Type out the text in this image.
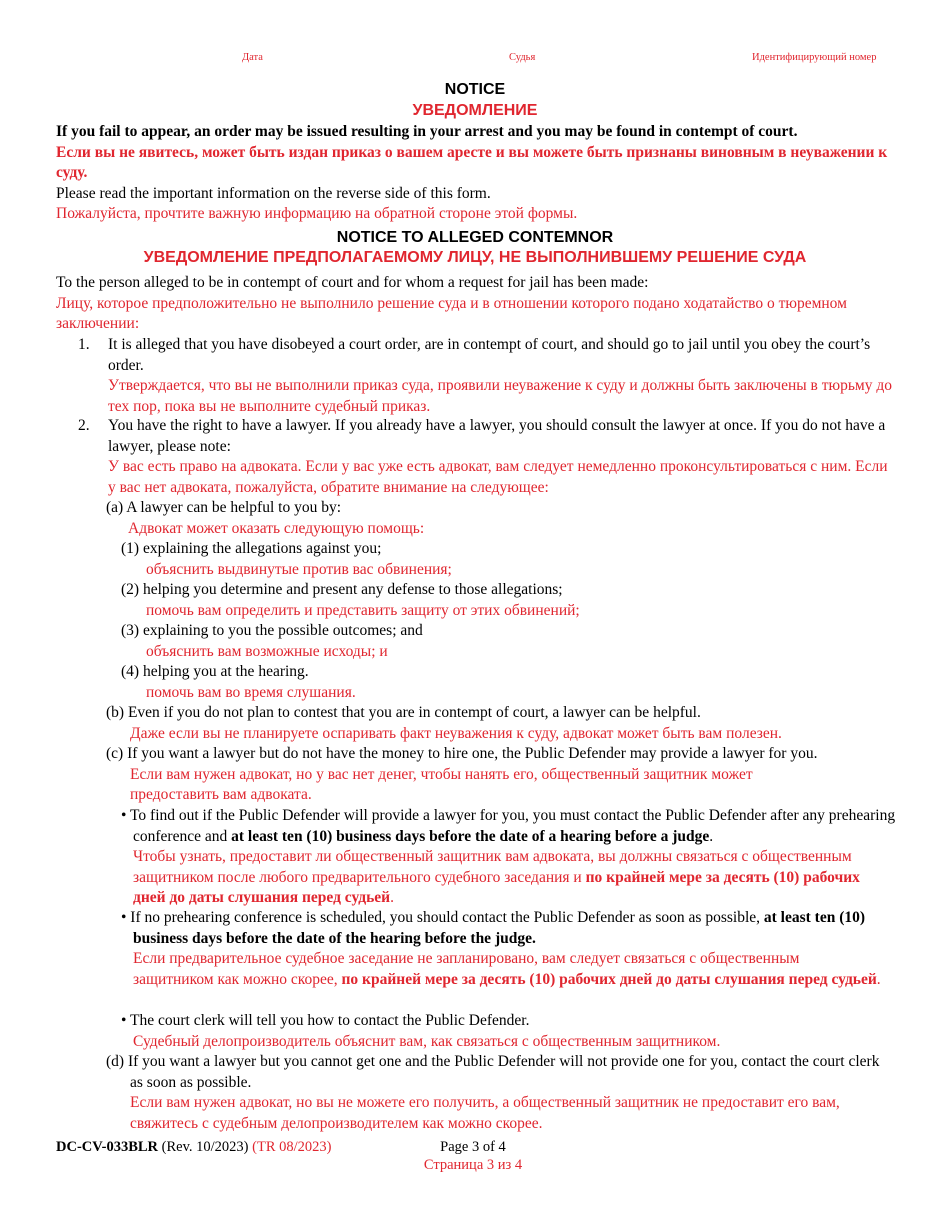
Дата	Судья	Идентифицирующий номер
NOTICE
УВЕДОМЛЕНИЕ

If you fail to appear, an order may be issued resulting in your arrest and you may be found in contempt of court.

Если вы не явитесь, может быть издан приказ о вашем аресте и вы можете быть признаны виновным в неуважении к суду.

Please read the important information on the reverse side of this form.

Пожалуйста, прочтите важную информацию на обратной стороне этой формы.

NOTICE TO ALLEGED CONTEMNOR
УВЕДОМЛЕНИЕ ПРЕДПОЛАГАЕМОМУ ЛИЦУ, НЕ ВЫПОЛНИВШЕМУ РЕШЕНИЕ СУДА

To the person alleged to be in contempt of court and for whom a request for jail has been made:

Лицу, которое предположительно не выполнило решение суда и в отношении которого подано ходатайство о тюремном заключении:

1. It is alleged that you have disobeyed a court order, are in contempt of court, and should go to jail until you obey the court’s order.

Утверждается, что вы не выполнили приказ суда, проявили неуважение к суду и должны быть заключены в тюрьму до тех пор, пока вы не выполните судебный приказ.

2. You have the right to have a lawyer. If you already have a lawyer, you should consult the lawyer at once. If you do not have a lawyer, please note:

У вас есть право на адвоката. Если у вас уже есть адвокат, вам следует немедленно проконсультироваться с ним. Если у вас нет адвоката, пожалуйста, обратите внимание на следующее:

(a) A lawyer can be helpful to you by:

Адвокат может оказать следующую помощь:

(1) explaining the allegations against you;

объяснить выдвинутые против вас обвинения;

(2) helping you determine and present any defense to those allegations;

помочь вам определить и представить защиту от этих обвинений;

(3) explaining to you the possible outcomes; and

объяснить вам возможные исходы; и

(4) helping you at the hearing.

помочь вам во время слушания.

(b) Even if you do not plan to contest that you are in contempt of court, a lawyer can be helpful.

Даже если вы не планируете оспаривать факт неуважения к суду, адвокат может быть вам полезен.

(c) If you want a lawyer but do not have the money to hire one, the Public Defender may provide a lawyer for you.

Если вам нужен адвокат, но у вас нет денег, чтобы нанять его, общественный защитник может предоставить вам адвоката.

• To find out if the Public Defender will provide a lawyer for you, you must contact the Public Defender after any prehearing conference and at least ten (10) business days before the date of a hearing before a judge.

Чтобы узнать, предоставит ли общественный защитник вам адвоката, вы должны связаться с общественным защитником после любого предварительного судебного заседания и по крайней мере за десять (10) рабочих дней до даты слушания перед судьей.

• If no prehearing conference is scheduled, you should contact the Public Defender as soon as possible, at least ten (10) business days before the date of the hearing before the judge.

Если предварительное судебное заседание не запланировано, вам следует связаться с общественным защитником как можно скорее, по крайней мере за десять (10) рабочих дней до даты слушания перед судьей.

• The court clerk will tell you how to contact the Public Defender.

Судебный делопроизводитель объяснит вам, как связаться с общественным защитником.

(d) If you want a lawyer but you cannot get one and the Public Defender will not provide one for you, contact the court clerk as soon as possible.

Если вам нужен адвокат, но вы не можете его получить, а общественный защитник не предоставит его вам, свяжитесь с судебным делопроизводителем как можно скорее.

DC-CV-033BLR (Rev. 10/2023) (TR 08/2023)	Page 3 of 4
Страница 3 из 4
